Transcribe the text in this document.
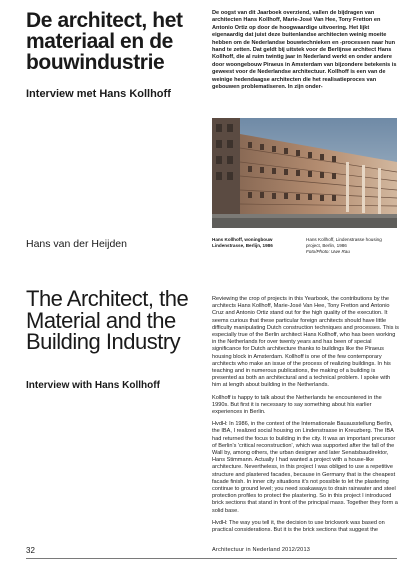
De architect, het materiaal en de bouwindustrie
Interview met Hans Kollhoff

De oogst van dit Jaarboek overziend, vallen de bijdragen van architecten Hans Kollhoff, Marie-José Van Hee, Tony Fretton en Antonio Ortiz op door de hoogwaardige uitvoering. Het lijkt eigenaardig dat juist deze buitenlandse architecten weinig moeite hebben om de Nederlandse bouwtechnieken en -processen naar hun hand te zetten. Dat geldt bij uitstek voor de Berlijnse architect Hans Kollhoff, die al ruim twintig jaar in Nederland werkt en onder andere door woongebouw Piraeus in Amsterdam van bijzondere betekenis is geweest voor de Nederlandse architectuur. Kollhoff is een van de weinige hedendaagse architecten die het realisatieproces van gebouwen problematiseren. In zijn onder-

Hans van der Heijden	Hans Kollhoff, woningbouw Lindenstrasse, Berlijn, 1986

Hans Kollhoff, Lindenstrasse housing project, Berlin, 1986
Foto/Photo: Uwe Rau

The Architect, the Material and the Building Industry
Interview with Hans Kollhoff

Reviewing the crop of projects in this Yearbook, the contributions by the architects Hans Kollhoff, Marie-José Van Hee, Tony Fretton and Antonio Cruz and Antonio Ortiz stand out for the high quality of the execution. It seems curious that these particular foreign architects should have little difficulty manipulating Dutch construction techniques and processes. This is especially true of the Berlin architect Hans Kollhoff, who has been working in the Netherlands for over twenty years and has been of special significance for Dutch architecture thanks to buildings like the Piraeus housing block in Amsterdam. Kollhoff is one of the few contemporary architects who make an issue of the process of realizing buildings. In his teaching and in numerous publications, the making of a building is presented as both an architectural and a technical problem. I spoke with him at length about building in the Netherlands.

Kollhoff is happy to talk about the Netherlands he encountered in the 1990s. But first it is necessary to say something about his earlier experiences in Berlin.

HvdH: In 1986, in the context of the Internationale Bauausstellung Berlin, the IBA, I realized social housing on Lindenstrasse in Kreuzberg. The IBA had returned the focus to building in the city. It was an important precursor of Berlin's 'critical reconstruction', which was supported after the fall of the Wall by, among others, the urban designer and later Senatsbaudirektor, Hans Stimmann. Actually I had wanted a project with a house-like architecture. Nevertheless, in this project I was obliged to use a repetitive structure and plastered facades, because in Germany that is the cheapest facade finish. In inner city situations it's not possible to let the plastering continue to ground level; you need soakaways to drain rainwater and steel protection profiles to protect the plastering. So in this project I introduced brick sections that stand in front of the principal mass. Together they form a solid base.

HvdH: The way you tell it, the decision to use brickwork was based on practical considerations. But it is the brick sections that suggest the

32	Architectuur in Nederland 2012/2013
